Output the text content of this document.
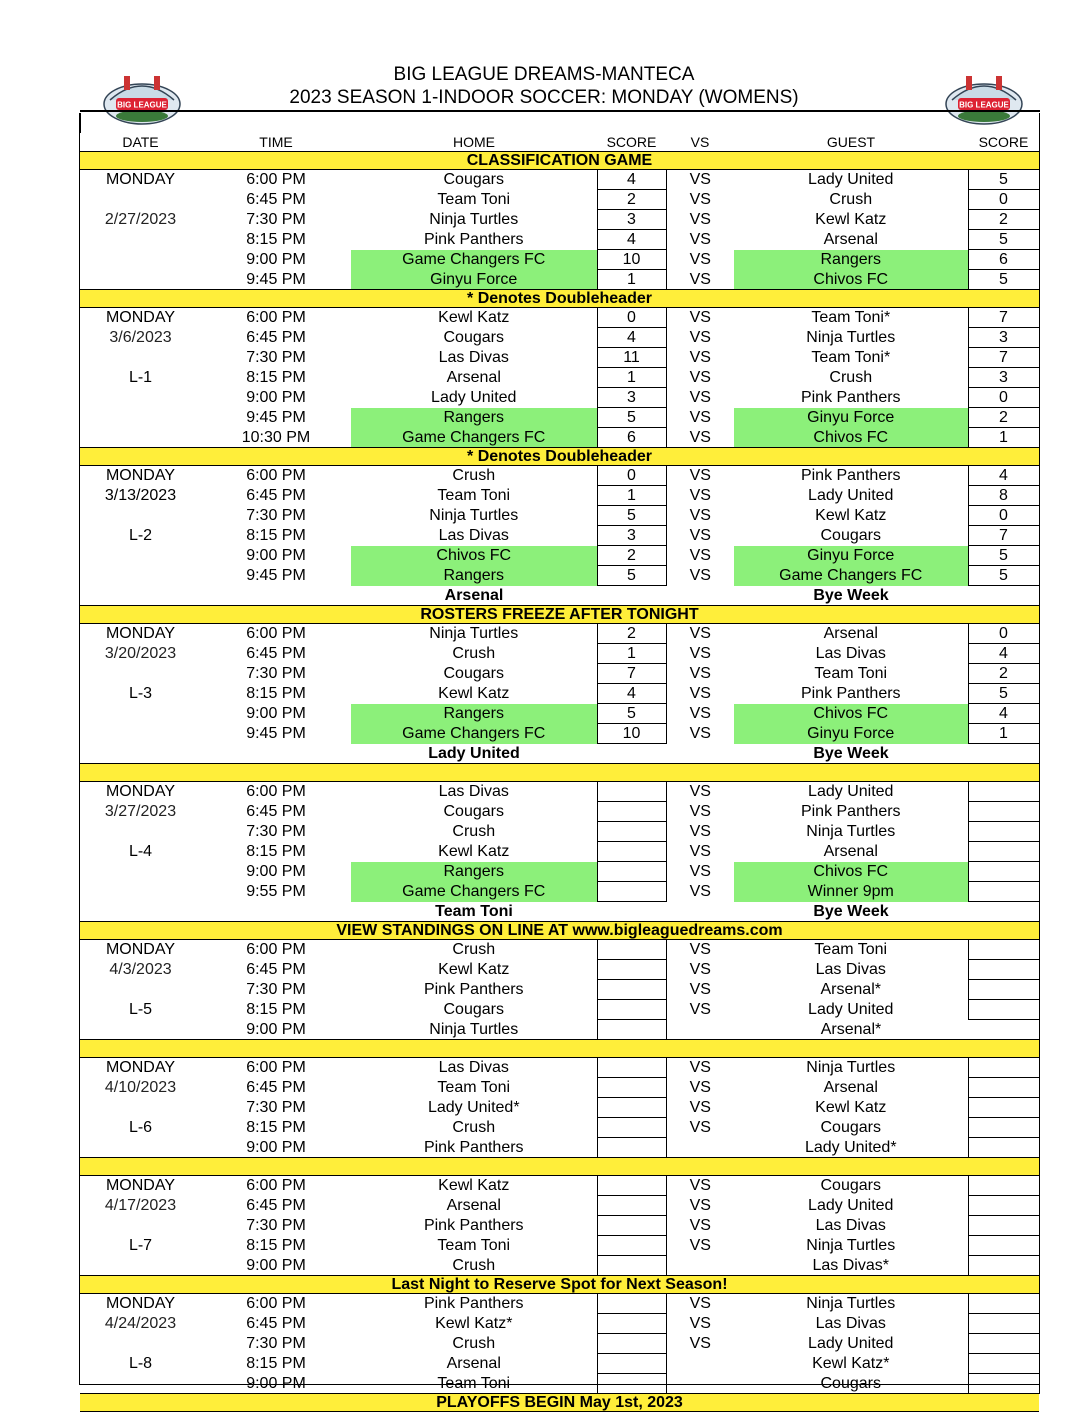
BIG LEAGUE	BIG LEAGUE
BIG LEAGUE DREAMS-MANTECA
2023 SEASON 1-INDOOR SOCCER: MONDAY (WOMENS)
DATE	TIME	HOME	SCORE	VS	GUEST	SCORE
CLASSIFICATION GAME						
MONDAY	6:00 PM	Cougars	4	VS	Lady United	5
	6:45 PM	Team Toni	2	VS	Crush	0
2/27/2023	7:30 PM	Ninja Turtles	3	VS	Kewl Katz	2
	8:15 PM	Pink Panthers	4	VS	Arsenal	5
	9:00 PM	Game Changers FC	10	VS	Rangers	6
	9:45 PM	Ginyu Force	1	VS	Chivos FC	5
* Denotes Doubleheader						
MONDAY	6:00 PM	Kewl Katz	0	VS	Team Toni*	7
3/6/2023	6:45 PM	Cougars	4	VS	Ninja Turtles	3
	7:30 PM	Las Divas	11	VS	Team Toni*	7
L-1	8:15 PM	Arsenal	1	VS	Crush	3
	9:00 PM	Lady United	3	VS	Pink Panthers	0
	9:45 PM	Rangers	5	VS	Ginyu Force	2
	10:30 PM	Game Changers FC	6	VS	Chivos FC	1
* Denotes Doubleheader						
MONDAY	6:00 PM	Crush	0	VS	Pink Panthers	4
3/13/2023	6:45 PM	Team Toni	1	VS	Lady United	8
	7:30 PM	Ninja Turtles	5	VS	Kewl Katz	0
L-2	8:15 PM	Las Divas	3	VS	Cougars	7
	9:00 PM	Chivos FC	2	VS	Ginyu Force	5
	9:45 PM	Rangers	5	VS	Game Changers FC	5
		Arsenal			Bye Week	
ROSTERS FREEZE AFTER TONIGHT						
MONDAY	6:00 PM	Ninja Turtles	2	VS	Arsenal	0
3/20/2023	6:45 PM	Crush	1	VS	Las Divas	4
	7:30 PM	Cougars	7	VS	Team Toni	2
L-3	8:15 PM	Kewl Katz	4	VS	Pink Panthers	5
	9:00 PM	Rangers	5	VS	Chivos FC	4
	9:45 PM	Game Changers FC	10	VS	Ginyu Force	1
		Lady United			Bye Week	

MONDAY	6:00 PM	Las Divas		VS	Lady United	
3/27/2023	6:45 PM	Cougars		VS	Pink Panthers	
	7:30 PM	Crush		VS	Ninja Turtles	
L-4	8:15 PM	Kewl Katz		VS	Arsenal	
	9:00 PM	Rangers		VS	Chivos FC	
	9:55 PM	Game Changers FC		VS	Winner 9pm	
		Team Toni			Bye Week	
VIEW STANDINGS ON LINE AT www.bigleaguedreams.com						
MONDAY	6:00 PM	Crush		VS	Team Toni	
4/3/2023	6:45 PM	Kewl Katz		VS	Las Divas	
	7:30 PM	Pink Panthers		VS	Arsenal*	
L-5	8:15 PM	Cougars		VS	Lady United	
	9:00 PM	Ninja Turtles			Arsenal*	

MONDAY	6:00 PM	Las Divas		VS	Ninja Turtles	
4/10/2023	6:45 PM	Team Toni		VS	Arsenal	
	7:30 PM	Lady United*		VS	Kewl Katz	
L-6	8:15 PM	Crush		VS	Cougars	
	9:00 PM	Pink Panthers			Lady United*	

MONDAY	6:00 PM	Kewl Katz		VS	Cougars	
4/17/2023	6:45 PM	Arsenal		VS	Lady United	
	7:30 PM	Pink Panthers		VS	Las Divas	
L-7	8:15 PM	Team Toni		VS	Ninja Turtles	
	9:00 PM	Crush			Las Divas*	
Last Night to Reserve Spot for Next Season!						
MONDAY	6:00 PM	Pink Panthers		VS	Ninja Turtles	
4/24/2023	6:45 PM	Kewl Katz*		VS	Las Divas	
	7:30 PM	Crush		VS	Lady United	
L-8	8:15 PM	Arsenal			Kewl Katz*	
	9:00 PM	Team Toni			Cougars	
PLAYOFFS BEGIN May 1st, 2023						
